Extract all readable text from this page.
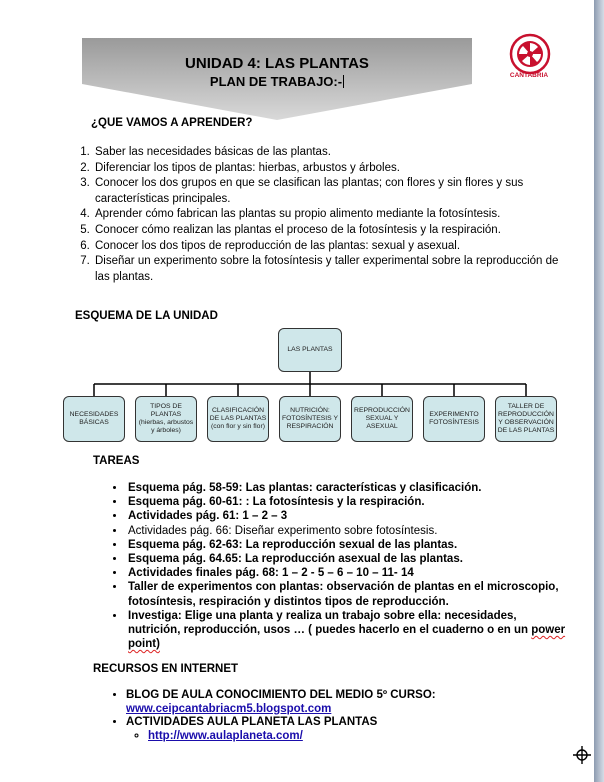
UNIDAD 4: LAS PLANTAS
PLAN DE TRABAJO:-	CANTABRIA
¿QUE VAMOS A APRENDER?
1. Saber las necesidades básicas de las plantas.
2. Diferenciar los tipos de plantas: hierbas, arbustos y árboles.
3. Conocer los dos grupos en que se clasifican las plantas; con flores y sin flores y sus características principales.
4. Aprender cómo fabrican las plantas su propio alimento mediante la fotosíntesis.
5. Conocer cómo realizan las plantas el proceso de la fotosíntesis y la respiración.
6. Conocer los dos tipos de reproducción de las plantas: sexual y asexual.
7. Diseñar un experimento sobre la fotosíntesis y taller experimental sobre la reproducción de las plantas.
ESQUEMA DE LA UNIDAD
LAS PLANTAS
NECESIDADES BÁSICAS
TIPOS DE PLANTAS (hierbas, arbustos y árboles)
CLASIFICACIÓN DE LAS PLANTAS (con flor y sin flor)
NUTRICIÓN: FOTOSÍNTESIS Y RESPIRACIÓN
REPRODUCCIÓN SEXUAL Y ASEXUAL
EXPERIMENTO FOTOSÍNTESIS
TALLER DE REPRODUCCIÓN Y OBSERVACIÓN DE LAS PLANTAS
TAREAS
• Esquema pág. 58-59: Las plantas: características y clasificación.
• Esquema pág. 60-61: : La fotosíntesis y la respiración.
• Actividades pág. 61: 1 – 2 – 3
• Actividades pág. 66: Diseñar experimento sobre fotosíntesis.
• Esquema pág. 62-63: La reproducción sexual de las plantas.
• Esquema pág. 64.65: La reproducción asexual de las plantas.
• Actividades finales pág. 68: 1 – 2 - 5 – 6 – 10 – 11- 14
• Taller de experimentos con plantas: observación de plantas en el microscopio, fotosíntesis, respiración y distintos tipos de reproducción.
• Investiga: Elige una planta y realiza un trabajo sobre ella: necesidades, nutrición, reproducción, usos … ( puedes hacerlo en el cuaderno o en un power point)
RECURSOS EN INTERNET
• BLOG DE AULA CONOCIMIENTO DEL MEDIO 5º CURSO:
www.ceipcantabriacm5.blogspot.com
• ACTIVIDADES AULA PLANETA LAS PLANTAS
◦ http://www.aulaplaneta.com/
